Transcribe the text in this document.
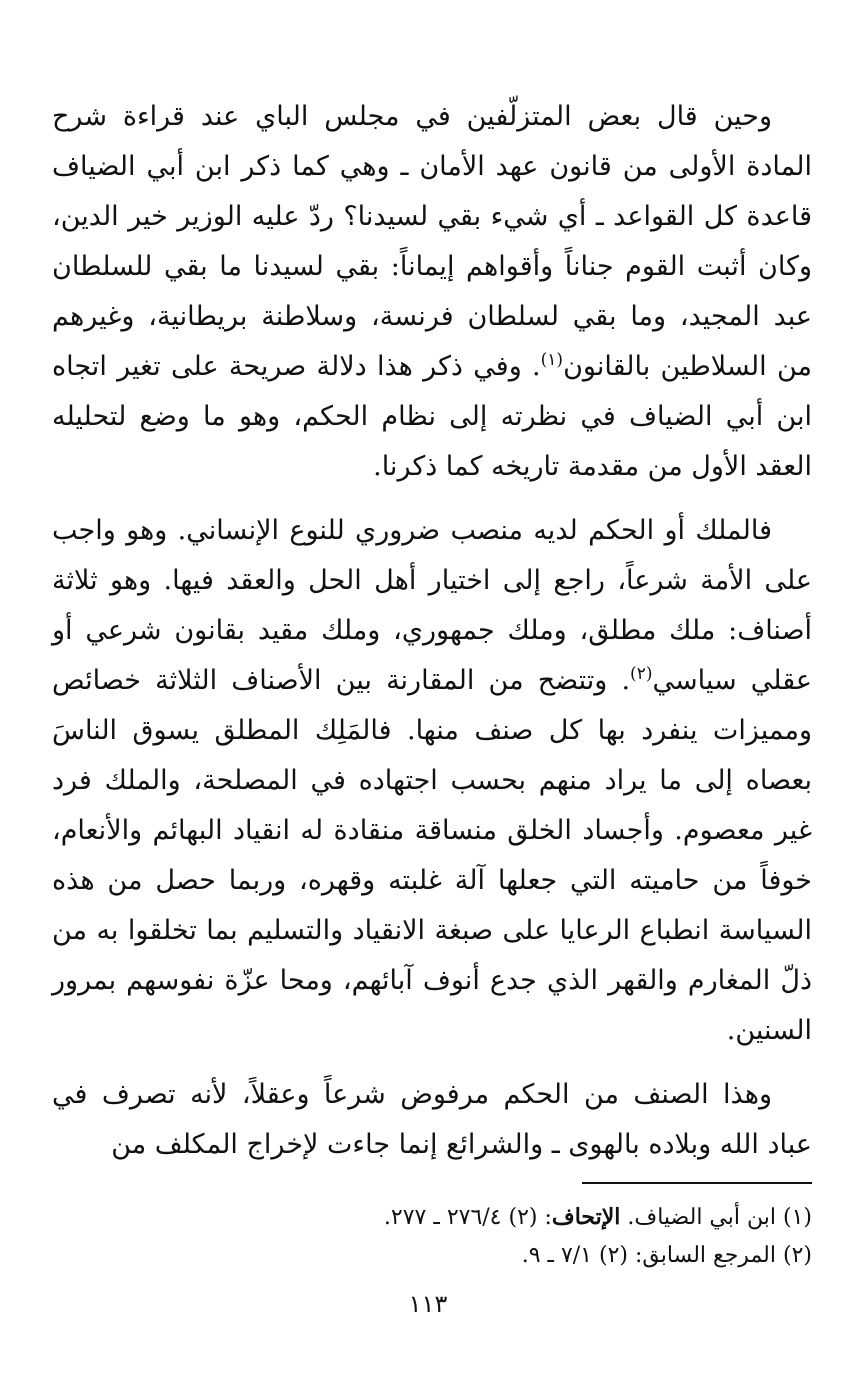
وحين قال بعض المتزلّفين في مجلس الباي عند قراءة شرح المادة الأولى من قانون عهد الأمان ـ وهي كما ذكر ابن أبي الضياف قاعدة كل القواعد ـ أي شيء بقي لسيدنا؟ ردّ عليه الوزير خير الدين، وكان أثبت القوم جناناً وأقواهم إيماناً: بقي لسيدنا ما بقي للسلطان عبد المجيد، وما بقي لسلطان فرنسة، وسلاطنة بريطانية، وغيرهم من السلاطين بالقانون$^{(١)}$. وفي ذكر هذا دلالة صريحة على تغير اتجاه ابن أبي الضياف في نظرته إلى نظام الحكم، وهو ما وضع لتحليله العقد الأول من مقدمة تاريخه كما ذكرنا.

فالملك أو الحكم لديه منصب ضروري للنوع الإنساني. وهو واجب على الأمة شرعاً، راجع إلى اختيار أهل الحل والعقد فيها. وهو ثلاثة أصناف: ملك مطلق، وملك جمهوري، وملك مقيد بقانون شرعي أو عقلي سياسي$^{(٢)}$. وتتضح من المقارنة بين الأصناف الثلاثة خصائص ومميزات ينفرد بها كل صنف منها. فالمَلِك المطلق يسوق الناسَ بعصاه إلى ما يراد منهم بحسب اجتهاده في المصلحة، والملك فرد غير معصوم. وأجساد الخلق منساقة منقادة له انقياد البهائم والأنعام، خوفاً من حاميته التي جعلها آلة غلبته وقهره، وربما حصل من هذه السياسة انطباع الرعايا على صبغة الانقياد والتسليم بما تخلقوا به من ذلّ المغارم والقهر الذي جدع أنوف آبائهم، ومحا عزّة نفوسهم بمرور السنين.

وهذا الصنف من الحكم مرفوض شرعاً وعقلاً، لأنه تصرف في عباد الله وبلاده بالهوى ـ والشرائع إنما جاءت لإخراج المكلف من

(١) ابن أبي الضياف. الإتحاف: (٢) ٢٧٦/٤ ـ ٢٧٧.

(٢) المرجع السابق: (٢) ٧/١ ـ ٩.

١١٣
